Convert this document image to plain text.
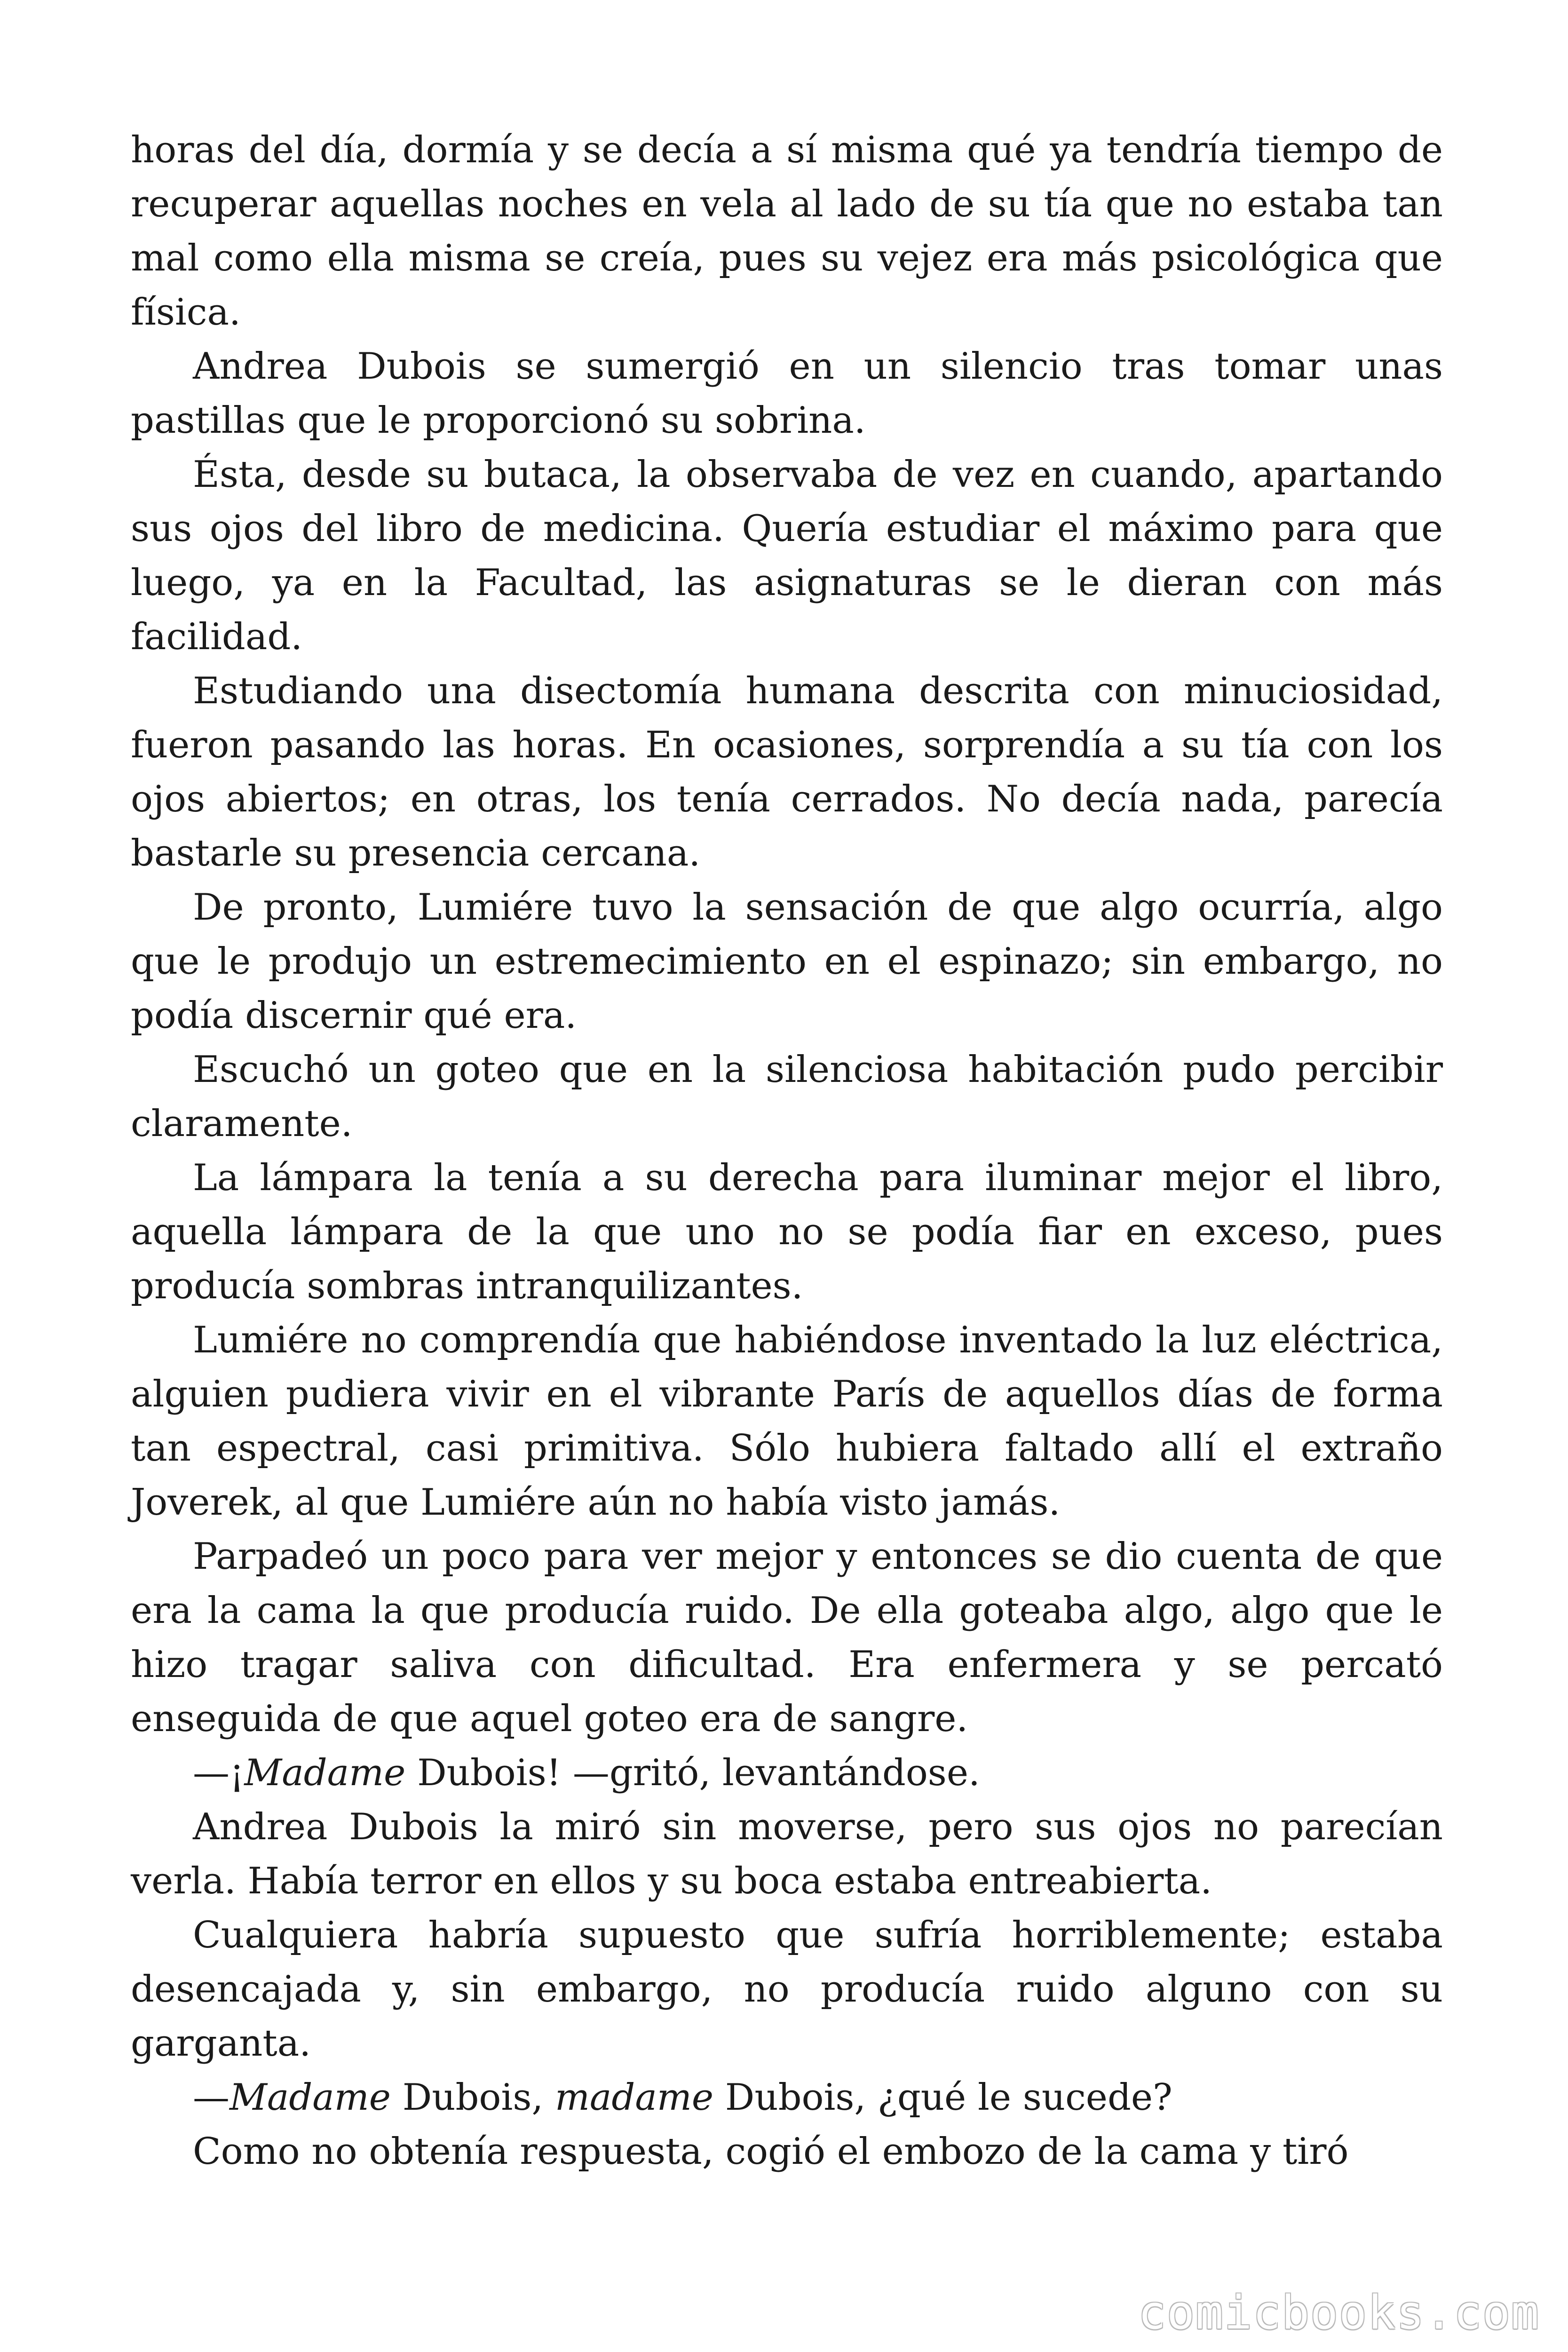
horas del día, dormía y se decía a sí misma qué ya tendría tiempo de recuperar aquellas noches en vela al lado de su tía que no estaba tan mal como ella misma se creía, pues su vejez era más psicológica que física.

Andrea Dubois se sumergió en un silencio tras tomar unas pastillas que le proporcionó su sobrina.

Ésta, desde su butaca, la observaba de vez en cuando, apartando sus ojos del libro de medicina. Quería estudiar el máximo para que luego, ya en la Facultad, las asignaturas se le dieran con más facilidad.

Estudiando una disectomía humana descrita con minuciosidad, fueron pasando las horas. En ocasiones, sorprendía a su tía con los ojos abiertos; en otras, los tenía cerrados. No decía nada, parecía bastarle su presencia cercana.

De pronto, Lumiére tuvo la sensación de que algo ocurría, algo que le produjo un estremecimiento en el espinazo; sin embargo, no podía discernir qué era.

Escuchó un goteo que en la silenciosa habitación pudo percibir claramente.

La lámpara la tenía a su derecha para iluminar mejor el libro, aquella lámpara de la que uno no se podía fiar en exceso, pues producía sombras intranquilizantes.

Lumiére no comprendía que habiéndose inventado la luz eléctrica, alguien pudiera vivir en el vibrante París de aquellos días de forma tan espectral, casi primitiva. Sólo hubiera faltado allí el extraño Joverek, al que Lumiére aún no había visto jamás.

Parpadeó un poco para ver mejor y entonces se dio cuenta de que era la cama la que producía ruido. De ella goteaba algo, algo que le hizo tragar saliva con dificultad. Era enfermera y se percató enseguida de que aquel goteo era de sangre.

—¡Madame Dubois! —gritó, levantándose.

Andrea Dubois la miró sin moverse, pero sus ojos no parecían verla. Había terror en ellos y su boca estaba entreabierta.

Cualquiera habría supuesto que sufría horriblemente; estaba desencajada y, sin embargo, no producía ruido alguno con su garganta.

—Madame Dubois, madame Dubois, ¿qué le sucede?

Como no obtenía respuesta, cogió el embozo de la cama y tiró

comicbooks.com
